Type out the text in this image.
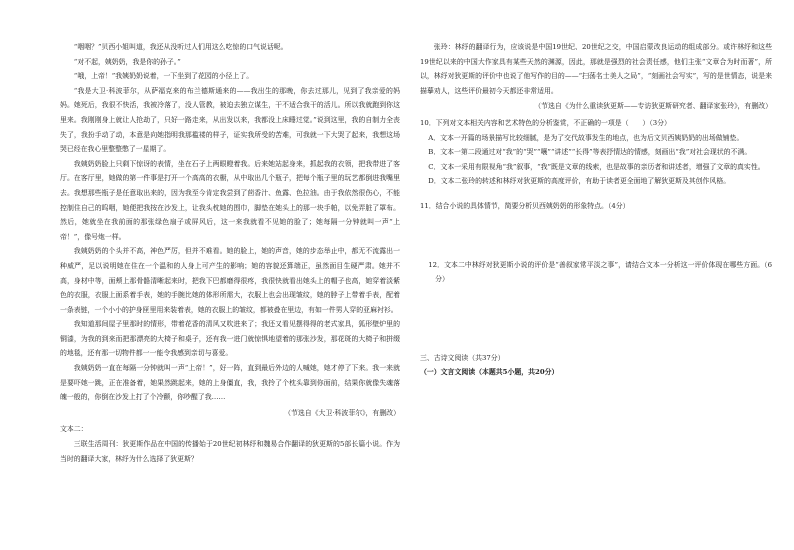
“咽咽？”贝西小姐叫道，我还从没听过人们用这么吃惊的口气说话呢。

“对不起，姨奶奶，我是你的孙子。”

“哦，上帝！”我姨奶奶说着，一下坐到了花园的小径上了。

“我是大卫·科波菲尔，从萨福克来的布兰德斯通来的——我出生的那晚，你去过那儿，见到了我亲爱的妈妈。她死后，我很不快活，我被冷落了，没人管教，被迫去独立谋生，干不适合我干的活儿。所以我就跑到你这里来。我刚刚身上就让人抢劫了，只好一路走来，从出发以来，我都没上床睡过觉。”说到这里，我的自制力全丧失了，我扮手动了动，本意是向她指明我那褴褛的样子，证实我所受的苦难，可我就一下大哭了起来，我想这场哭已经在我心里整整憋了一星期了。

我姨奶奶脸上只剩下惊讶的表情，坐在石子上两眼瞪着我。后来她站起身来，抓起我的衣领，把我带进了客厅。在客厅里，她做的第一件事是打开一个高高的衣橱，从中取出几个瓶子，把每个瓶子里的玩艺都倒进我嘴里去。我想那些瓶子是任意取出来的，因为我至今肯定我尝到了茴香汁、鱼露、色拉油。由于我依然很伤心，不能控制住自己的呜咽，她便把我按在沙发上，让我头枕她的围巾，脚垫在她头上的那一块手帕，以免弄脏了罩布。然后，她就坐在我前面的那张绿色扇子或屏风后，这一来我就看不见她的脸了；她每隔一分钟就叫一声“上帝！”，像号炮一样。

我姨奶奶的个头并不高，神色严厉，但并不难看。她的脸上，她的声音，她的步态举止中，都无不流露出一种威严，足以说明她在住在一个温和的人身上可产生的影响；她的容貌还算端正，虽然面目生硬严肃。她并不高，身材中等，面颊上那骨骼清晰起来时，把我下巴都磨得很疼，我很快就看出她头上的帽子也高，她穿着淡紫色的衣服，衣服上面系着手表，她的手腕比她的体形所需大，衣服上也会出现皱纹，她的脖子上带着手表，配着一条表链，一个小小的护身匣里用来装着表，她的衣服上的皱纹，都被叠在里边，有如一件男人穿的亚麻衬衫。

我知道那间屋子里那时的情形，带着花香的清风又吹进来了；我还又看见摆得得的老式家具，狐形壁炉里的铜漆，为我的到来而把那漂亮的大椅子和桌子，还有我一进门就惊惧地望着的那张沙发，那花斑的大椅子和拼缀的地毯，还有那一切物件都一一能令我感到亲切与喜爱。

我姨奶奶一直在每隔一分钟就叫一声“上帝！”，好一阵，直到最后外边的人喊她，她才停了下来。我一来就是要吓她一跳，正在准备着，她果然跳起来，她的上身僵直，我，我拎了个枕头靠到你面前，结果你就像失魂落魄一般的，你倒在沙发上打了个冷颤，你吵醒了我……

（节选自《大卫·科波菲尔》，有删改）

文本二：

三联生活周刊：狄更斯作品在中国的传播始于20世纪初林纾和魏易合作翻译的狄更斯的5部长篇小说。作为当时的翻译大家，林纾为什么选择了狄更斯？

张玲：林纾的翻译行为，应该说是中国19世纪、20世纪之交，中国启蒙改良运动的组成部分。或许林纾和这些19世纪以来的中国大作家具有某些天然的渊源，因此，那就是强烈的社会责任感，他们主张“文章合为时而著”，所以，林纾对狄更斯的评价中也说了他写作的目的——“扫荡名士美人之局”，“刻画社会写实”，写的是世情态，说是来描摹劝人，这些评价最初今天都还非常适用。

（节选自《为什么重读狄更斯——专访狄更斯研究者、翻译家张玲》，有删改）

10．下列对文本相关内容和艺术特色的分析鉴赏，不正确的一项是（　　）（3分）

A．文本一开篇的场景描写比较细腻，是为了交代故事发生的地点，也为后文贝西姨奶奶的出场做铺垫。

B．文本一第二段通过对“我”的“哭”“嚷”“讲述”“长得”等表抒情达的情感，刻画出“我”对社会现状的不满。

C．文本一采用有限视角“我”叙事，“我”既是文章的线索，也是故事的亲历者和讲述者，增强了文章的真实性。

D．文本二张玲的转述和林纾对狄更斯的高度评价，有助于读者更全面地了解狄更斯及其创作风格。

11．结合小说的具体情节，简要分析贝西姨奶奶的形象特点。（4分）

12．文本二中林纾对狄更斯小说的评价是“善叙家常平淡之事”，请结合文本一分析这一评价体现在哪些方面。（6分）

三、古诗文阅读（共37分）

（一）文言文阅读（本题共5小题，共20分）
